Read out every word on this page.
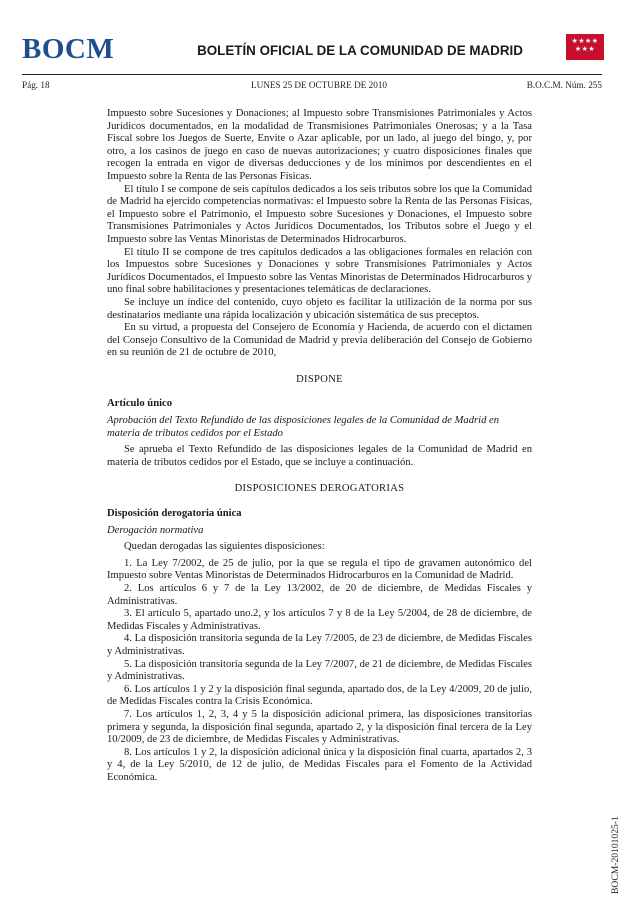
BOCM	BOLETÍN OFICIAL DE LA COMUNIDAD DE MADRID
★★★★
★★★
Pág. 18	LUNES 25 DE OCTUBRE DE 2010	B.O.C.M. Núm. 255

Impuesto sobre Sucesiones y Donaciones; al Impuesto sobre Transmisiones Patrimoniales y Actos Jurídicos documentados, en la modalidad de Transmisiones Patrimoniales Onerosas; y a la Tasa Fiscal sobre los Juegos de Suerte, Envite o Azar aplicable, por un lado, al juego del bingo, y, por otro, a los casinos de juego en caso de nuevas autorizaciones; y cuatro disposiciones finales que recogen la entrada en vigor de diversas deducciones y de los mínimos por descendientes en el Impuesto sobre la Renta de las Personas Físicas.

El título I se compone de seis capítulos dedicados a los seis tributos sobre los que la Comunidad de Madrid ha ejercido competencias normativas: el Impuesto sobre la Renta de las Personas Físicas, el Impuesto sobre el Patrimonio, el Impuesto sobre Sucesiones y Donaciones, el Impuesto sobre Transmisiones Patrimoniales y Actos Jurídicos Documentados, los Tributos sobre el Juego y el Impuesto sobre las Ventas Minoristas de Determinados Hidrocarburos.

El título II se compone de tres capítulos dedicados a las obligaciones formales en relación con los Impuestos sobre Sucesiones y Donaciones y sobre Transmisiones Patrimoniales y Actos Jurídicos Documentados, el Impuesto sobre las Ventas Minoristas de Determinados Hidrocarburos y uno final sobre habilitaciones y presentaciones telemáticas de declaraciones.

Se incluye un índice del contenido, cuyo objeto es facilitar la utilización de la norma por sus destinatarios mediante una rápida localización y ubicación sistemática de sus preceptos.

En su virtud, a propuesta del Consejero de Economía y Hacienda, de acuerdo con el dictamen del Consejo Consultivo de la Comunidad de Madrid y previa deliberación del Consejo de Gobierno en su reunión de 21 de octubre de 2010,

DISPONE

Artículo único

Aprobación del Texto Refundido de las disposiciones legales de la Comunidad de Madrid en materia de tributos cedidos por el Estado

Se aprueba el Texto Refundido de las disposiciones legales de la Comunidad de Madrid en materia de tributos cedidos por el Estado, que se incluye a continuación.

DISPOSICIONES DEROGATORIAS

Disposición derogatoria única

Derogación normativa

Quedan derogadas las siguientes disposiciones:

1. La Ley 7/2002, de 25 de julio, por la que se regula el tipo de gravamen autonómico del Impuesto sobre Ventas Minoristas de Determinados Hidrocarburos en la Comunidad de Madrid.

2. Los artículos 6 y 7 de la Ley 13/2002, de 20 de diciembre, de Medidas Fiscales y Administrativas.

3. El artículo 5, apartado uno.2, y los artículos 7 y 8 de la Ley 5/2004, de 28 de diciembre, de Medidas Fiscales y Administrativas.

4. La disposición transitoria segunda de la Ley 7/2005, de 23 de diciembre, de Medidas Fiscales y Administrativas.

5. La disposición transitoria segunda de la Ley 7/2007, de 21 de diciembre, de Medidas Fiscales y Administrativas.

6. Los artículos 1 y 2 y la disposición final segunda, apartado dos, de la Ley 4/2009, 20 de julio, de Medidas Fiscales contra la Crisis Económica.

7. Los artículos 1, 2, 3, 4 y 5 la disposición adicional primera, las disposiciones transitorias primera y segunda, la disposición final segunda, apartado 2, y la disposición final tercera de la Ley 10/2009, de 23 de diciembre, de Medidas Fiscales y Administrativas.

8. Los artículos 1 y 2, la disposición adicional única y la disposición final cuarta, apartados 2, 3 y 4, de la Ley 5/2010, de 12 de julio, de Medidas Fiscales para el Fomento de la Actividad Económica.

BOCM-20101025-1
